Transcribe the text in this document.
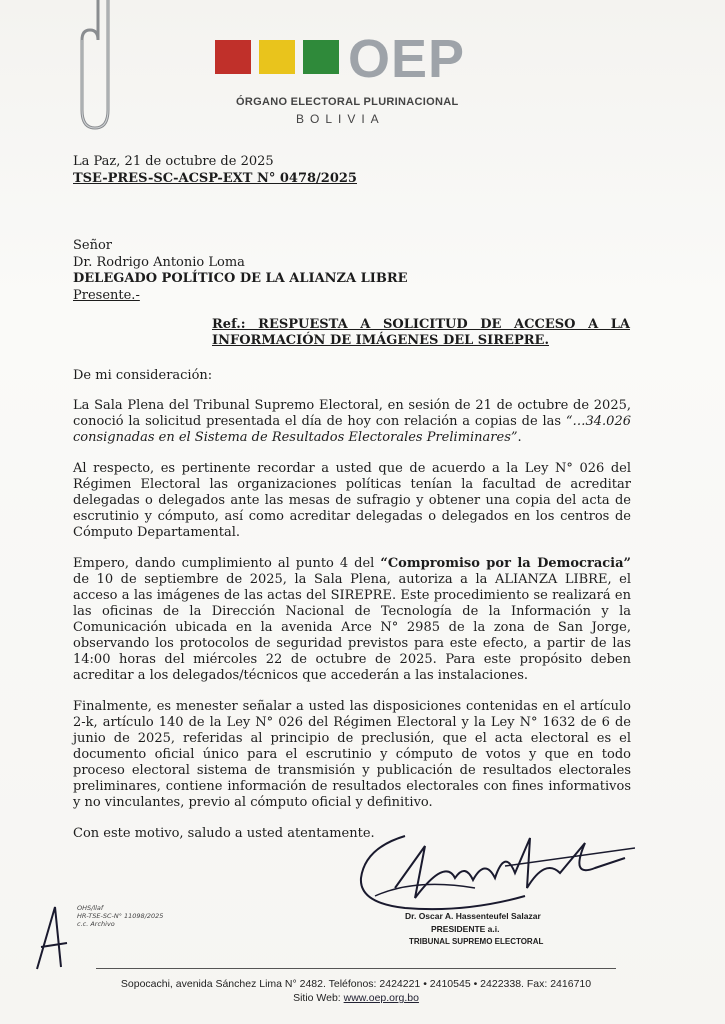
OEP
ÓRGANO ELECTORAL PLURINACIONAL
BOLIVIA
La Paz, 21 de octubre de 2025
TSE-PRES-SC-ACSP-EXT N° 0478/2025
Señor
Dr. Rodrigo Antonio Loma
DELEGADO POLÍTICO DE LA ALIANZA LIBRE
Presente.-
Ref.: RESPUESTA A SOLICITUD DE ACCESO A LA
INFORMACIÓN DE IMÁGENES DEL SIREPRE.
De mi consideración:
La Sala Plena del Tribunal Supremo Electoral, en sesión de 21 de octubre de 2025, conoció la solicitud presentada el día de hoy con relación a copias de las “…34.026 consignadas en el Sistema de Resultados Electorales Preliminares”.
Al respecto, es pertinente recordar a usted que de acuerdo a la Ley N° 026 del Régimen Electoral las organizaciones políticas tenían la facultad de acreditar delegadas o delegados ante las mesas de sufragio y obtener una copia del acta de escrutinio y cómputo, así como acreditar delegadas o delegados en los centros de Cómputo Departamental.
Empero, dando cumplimiento al punto 4 del “Compromiso por la Democracia” de 10 de septiembre de 2025, la Sala Plena, autoriza a la ALIANZA LIBRE, el acceso a las imágenes de las actas del SIREPRE. Este procedimiento se realizará en las oficinas de la Dirección Nacional de Tecnología de la Información y la Comunicación ubicada en la avenida Arce N° 2985 de la zona de San Jorge, observando los protocolos de seguridad previstos para este efecto, a partir de las 14:00 horas del miércoles 22 de octubre de 2025. Para este propósito deben acreditar a los delegados/técnicos que accederán a las instalaciones.
Finalmente, es menester señalar a usted las disposiciones contenidas en el artículo 2-k, artículo 140 de la Ley N° 026 del Régimen Electoral y la Ley N° 1632 de 6 de junio de 2025, referidas al principio de preclusión, que el acta electoral es el documento oficial único para el escrutinio y cómputo de votos y que en todo proceso electoral sistema de transmisión y publicación de resultados electorales preliminares, contiene información de resultados electorales con fines informativos y no vinculantes, previo al cómputo oficial y definitivo.
Con este motivo, saludo a usted atentamente.
Dr. Oscar A. Hassenteufel Salazar
PRESIDENTE a.i.
TRIBUNAL SUPREMO ELECTORAL
OHS/llaf
HR-TSE-SC-N° 11098/2025
c.c. Archivo
Sopocachi, avenida Sánchez Lima N° 2482. Teléfonos: 2424221 • 2410545 • 2422338. Fax: 2416710
Sitio Web: www.oep.org.bo
